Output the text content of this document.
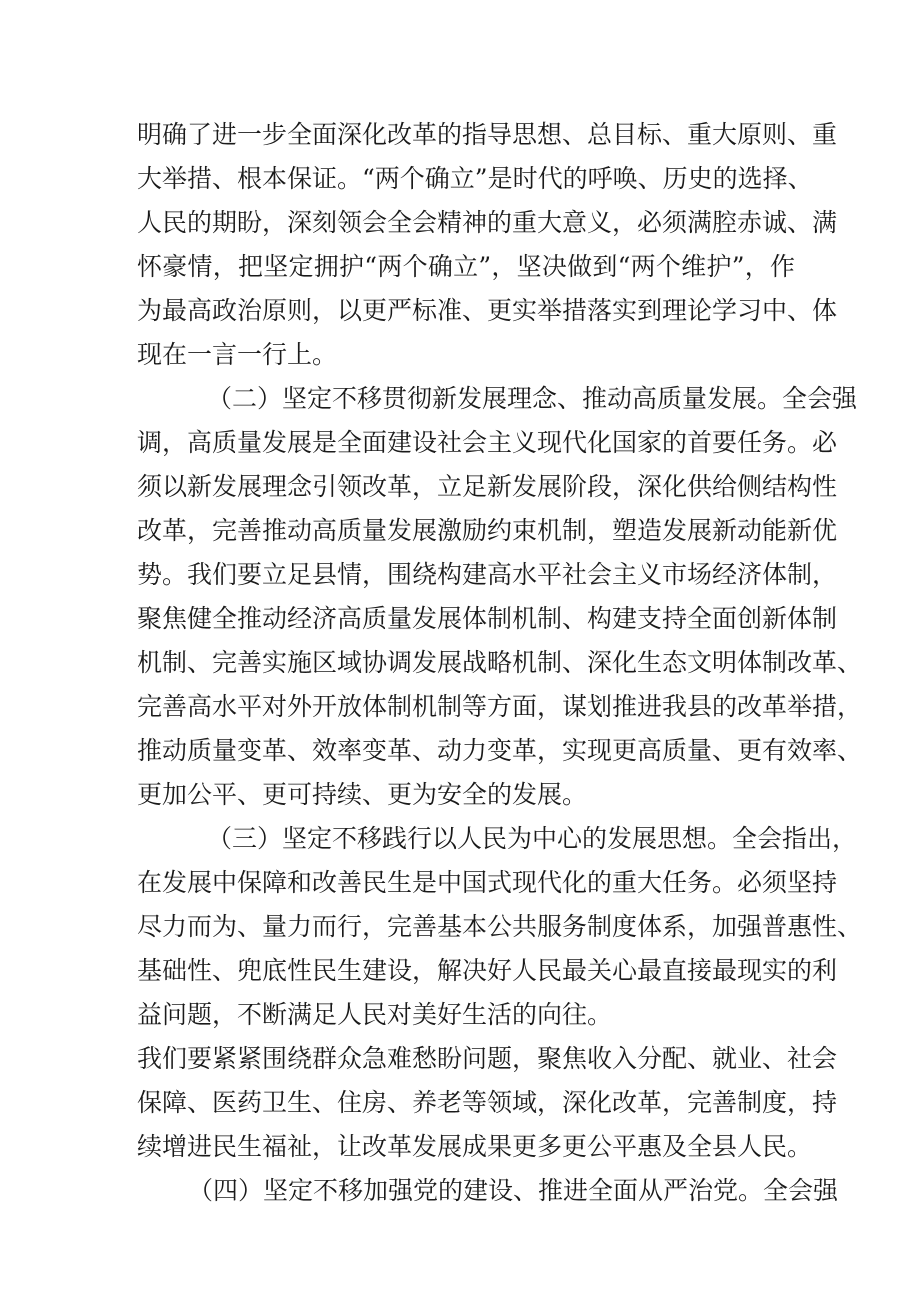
明确了进一步全面深化改革的指导思想、总目标、重大原则、重
大举措、根本保证。“两个确立”是时代的呼唤、历史的选择、
人民的期盼，深刻领会全会精神的重大意义，必须满腔赤诚、满
怀豪情，把坚定拥护“两个确立”，坚决做到“两个维护”，作
为最高政治原则，以更严标准、更实举措落实到理论学习中、体
现在一言一行上。
（二）坚定不移贯彻新发展理念、推动高质量发展。全会强
调，高质量发展是全面建设社会主义现代化国家的首要任务。必
须以新发展理念引领改革，立足新发展阶段，深化供给侧结构性
改革，完善推动高质量发展激励约束机制，塑造发展新动能新优
势。我们要立足县情，围绕构建高水平社会主义市场经济体制，
聚焦健全推动经济高质量发展体制机制、构建支持全面创新体制
机制、完善实施区域协调发展战略机制、深化生态文明体制改革、
完善高水平对外开放体制机制等方面，谋划推进我县的改革举措，
推动质量变革、效率变革、动力变革，实现更高质量、更有效率、
更加公平、更可持续、更为安全的发展。
（三）坚定不移践行以人民为中心的发展思想。全会指出，
在发展中保障和改善民生是中国式现代化的重大任务。必须坚持
尽力而为、量力而行，完善基本公共服务制度体系，加强普惠性、
基础性、兜底性民生建设，解决好人民最关心最直接最现实的利
益问题，不断满足人民对美好生活的向往。
我们要紧紧围绕群众急难愁盼问题，聚焦收入分配、就业、社会
保障、医药卫生、住房、养老等领域，深化改革，完善制度，持
续增进民生福祉，让改革发展成果更多更公平惠及全县人民。
（四）坚定不移加强党的建设、推进全面从严治党。全会强
